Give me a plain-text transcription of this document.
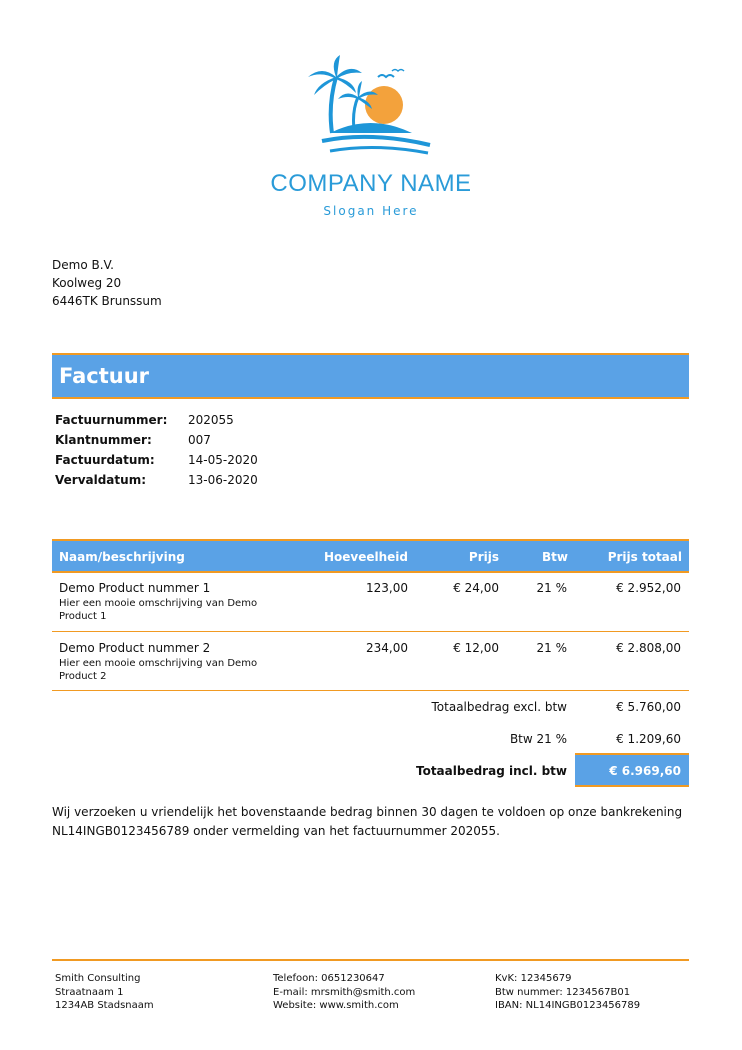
COMPANY NAME
Slogan Here
Demo B.V.
Koolweg 20
6446TK Brunssum
Factuur
Factuurnummer: 202055
Klantnummer:	007
Factuurdatum:	14-05-2020
Vervaldatum:	13-06-2020
Naam/beschrijving	Hoeveelheid	Prijs	Btw	Prijs totaal
Demo Product nummer 1
Hier een mooie omschrijving van Demo Product 1
123,00	€ 24,00	21 %	€ 2.952,00
Demo Product nummer 2
Hier een mooie omschrijving van Demo Product 2
234,00	€ 12,00	21 %	€ 2.808,00
Totaalbedrag excl. btw	€ 5.760,00
Btw 21 %	€ 1.209,60
Totaalbedrag incl. btw	€ 6.969,60
Wij verzoeken u vriendelijk het bovenstaande bedrag binnen 30 dagen te voldoen op onze bankrekening NL14INGB0123456789 onder vermelding van het factuurnummer 202055.
Smith Consulting
Straatnaam 1
1234AB Stadsnaam
Telefoon: 0651230647
E-mail: mrsmith@smith.com
Website: www.smith.com
KvK: 12345679
Btw nummer: 1234567B01
IBAN: NL14INGB0123456789
